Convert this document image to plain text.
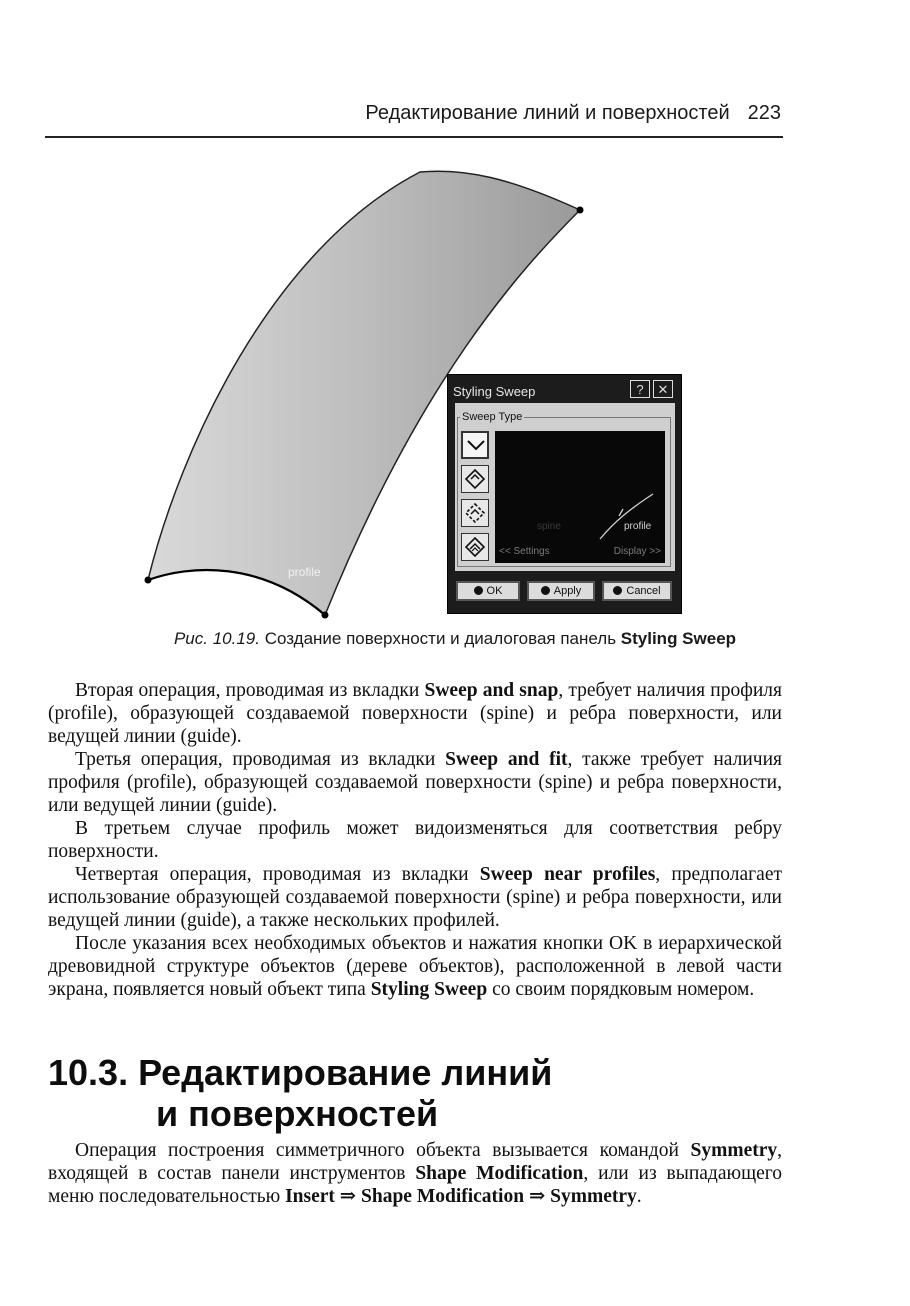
Редактирование линий и поверхностей 223
profile
Styling Sweep	?	✕
Sweep Type
spine	profile
<< Settings	Display >>
OK	Apply	Cancel
Рис. 10.19. Создание поверхности и диалоговая панель Styling Sweep

Вторая операция, проводимая из вкладки Sweep and snap, требует наличия профиля (profile), образующей создаваемой поверхности (spine) и ребра поверхности, или ведущей линии (guide).

Третья операция, проводимая из вкладки Sweep and fit, также требует наличия профиля (profile), образующей создаваемой поверхности (spine) и ребра поверхности, или ведущей линии (guide).

В третьем случае профиль может видоизменяться для соответствия ребру поверхности.

Четвертая операция, проводимая из вкладки Sweep near profiles, предполагает использование образующей создаваемой поверхности (spine) и ребра поверхности, или ведущей линии (guide), а также нескольких профилей.

После указания всех необходимых объектов и нажатия кнопки OK в иерархической древовидной структуре объектов (дереве объектов), расположенной в левой части экрана, появляется новый объект типа Styling Sweep со своим порядковым номером.

10.3. Редактирование линий
и поверхностей

Операция построения симметричного объекта вызывается командой Symmetry, входящей в состав панели инструментов Shape Modification, или из выпадающего меню последовательностью Insert ⇒ Shape Modification ⇒ Symmetry.
